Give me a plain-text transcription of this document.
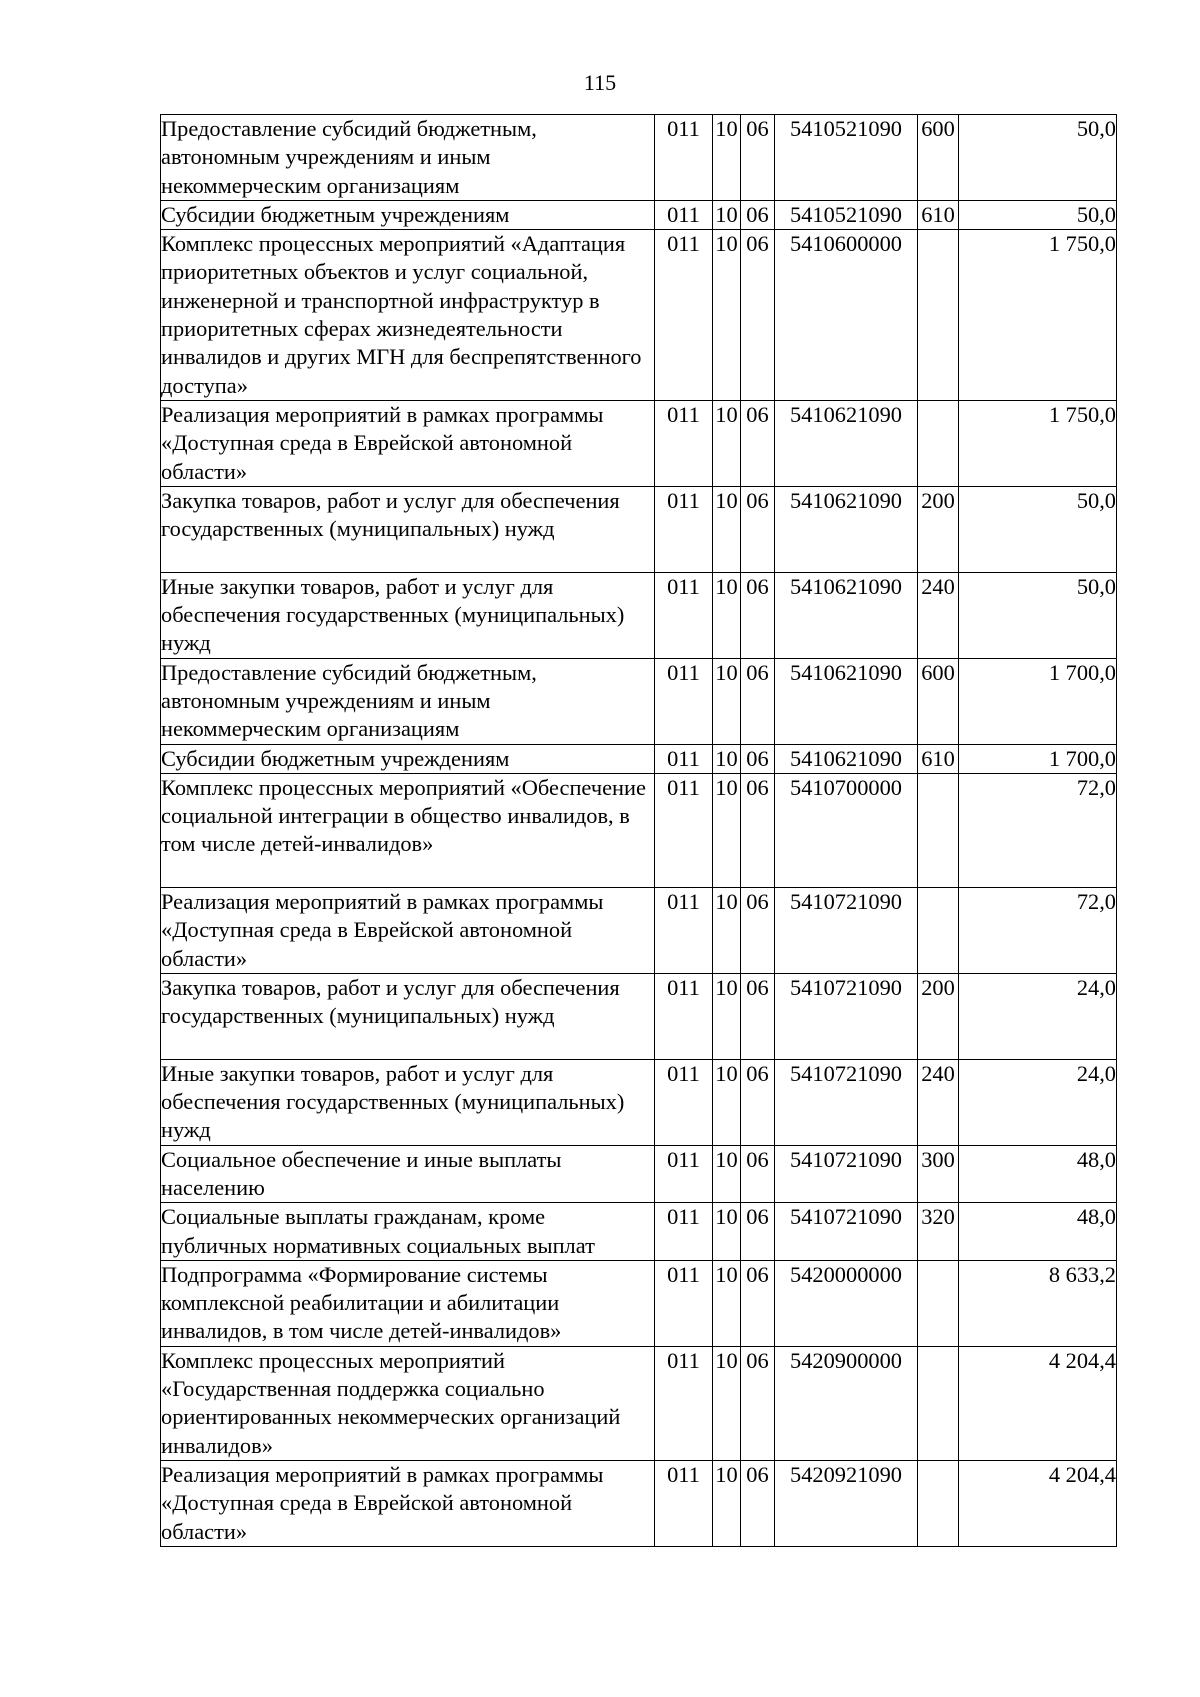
115
Предоставление субсидий бюджетным, автономным учреждениям и иным некоммерческим организациям	011	10	06	5410521090	600	50,0
Субсидии бюджетным учреждениям	011	10	06	5410521090	610	50,0
Комплекс процессных мероприятий «Адаптация приоритетных объектов и услуг социальной, инженерной и транспортной инфраструктур в приоритетных сферах жизнедеятельности инвалидов и других МГН для беспрепятственного доступа»	011	10	06	5410600000		1 750,0
Реализация мероприятий в рамках программы «Доступная среда в Еврейской автономной области»	011	10	06	5410621090		1 750,0
Закупка товаров, работ и услуг для обеспечения государственных (муниципальных) нужд	011	10	06	5410621090	200	50,0
Иные закупки товаров, работ и услуг для обеспечения государственных (муниципальных) нужд	011	10	06	5410621090	240	50,0
Предоставление субсидий бюджетным, автономным учреждениям и иным некоммерческим организациям	011	10	06	5410621090	600	1 700,0
Субсидии бюджетным учреждениям	011	10	06	5410621090	610	1 700,0
Комплекс процессных мероприятий «Обеспечение социальной интеграции в общество инвалидов, в том числе детей-инвалидов»	011	10	06	5410700000		72,0
Реализация мероприятий в рамках программы «Доступная среда в Еврейской автономной области»	011	10	06	5410721090		72,0
Закупка товаров, работ и услуг для обеспечения государственных (муниципальных) нужд	011	10	06	5410721090	200	24,0
Иные закупки товаров, работ и услуг для обеспечения государственных (муниципальных) нужд	011	10	06	5410721090	240	24,0
Социальное обеспечение и иные выплаты населению	011	10	06	5410721090	300	48,0
Социальные выплаты гражданам, кроме публичных нормативных социальных выплат	011	10	06	5410721090	320	48,0
Подпрограмма «Формирование системы комплексной реабилитации и абилитации инвалидов, в том числе детей-инвалидов»	011	10	06	5420000000		8 633,2
Комплекс процессных мероприятий «Государственная поддержка социально ориентированных некоммерческих организаций инвалидов»	011	10	06	5420900000		4 204,4
Реализация мероприятий в рамках программы «Доступная среда в Еврейской автономной области»	011	10	06	5420921090		4 204,4
